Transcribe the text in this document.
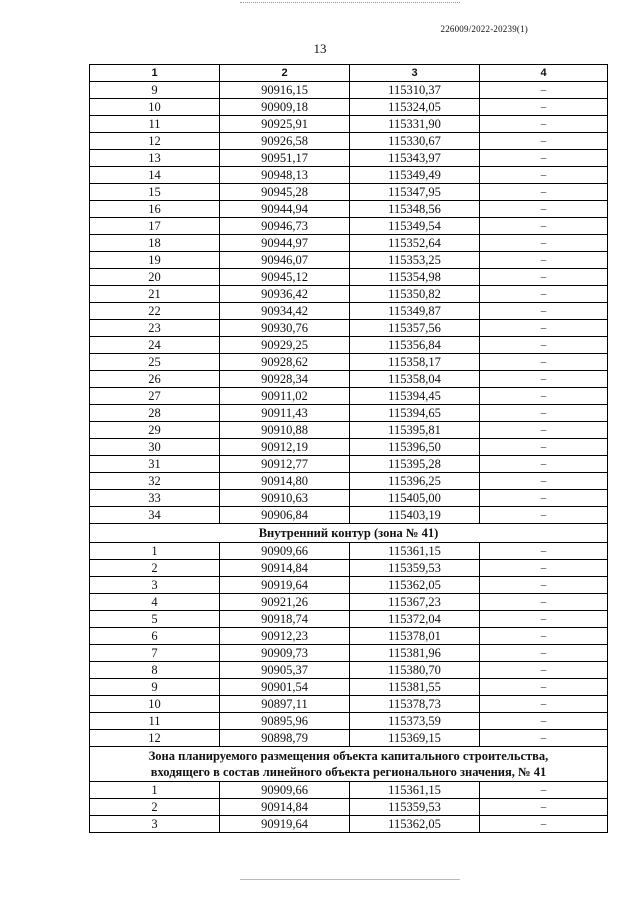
226009/2022-20239(1)
13
1	2	3	4
9	90916,15	115310,37	–
10	90909,18	115324,05	–
11	90925,91	115331,90	–
12	90926,58	115330,67	–
13	90951,17	115343,97	–
14	90948,13	115349,49	–
15	90945,28	115347,95	–
16	90944,94	115348,56	–
17	90946,73	115349,54	–
18	90944,97	115352,64	–
19	90946,07	115353,25	–
20	90945,12	115354,98	–
21	90936,42	115350,82	–
22	90934,42	115349,87	–
23	90930,76	115357,56	–
24	90929,25	115356,84	–
25	90928,62	115358,17	–
26	90928,34	115358,04	–
27	90911,02	115394,45	–
28	90911,43	115394,65	–
29	90910,88	115395,81	–
30	90912,19	115396,50	–
31	90912,77	115395,28	–
32	90914,80	115396,25	–
33	90910,63	115405,00	–
34	90906,84	115403,19	–
Внутренний контур (зона № 41)			
1	90909,66	115361,15	–
2	90914,84	115359,53	–
3	90919,64	115362,05	–
4	90921,26	115367,23	–
5	90918,74	115372,04	–
6	90912,23	115378,01	–
7	90909,73	115381,96	–
8	90905,37	115380,70	–
9	90901,54	115381,55	–
10	90897,11	115378,73	–
11	90895,96	115373,59	–
12	90898,79	115369,15	–
Зона планируемого размещения объекта капитального строительства,
входящего в состав линейного объекта регионального значения, № 41			
1	90909,66	115361,15	–
2	90914,84	115359,53	–
3	90919,64	115362,05	–
